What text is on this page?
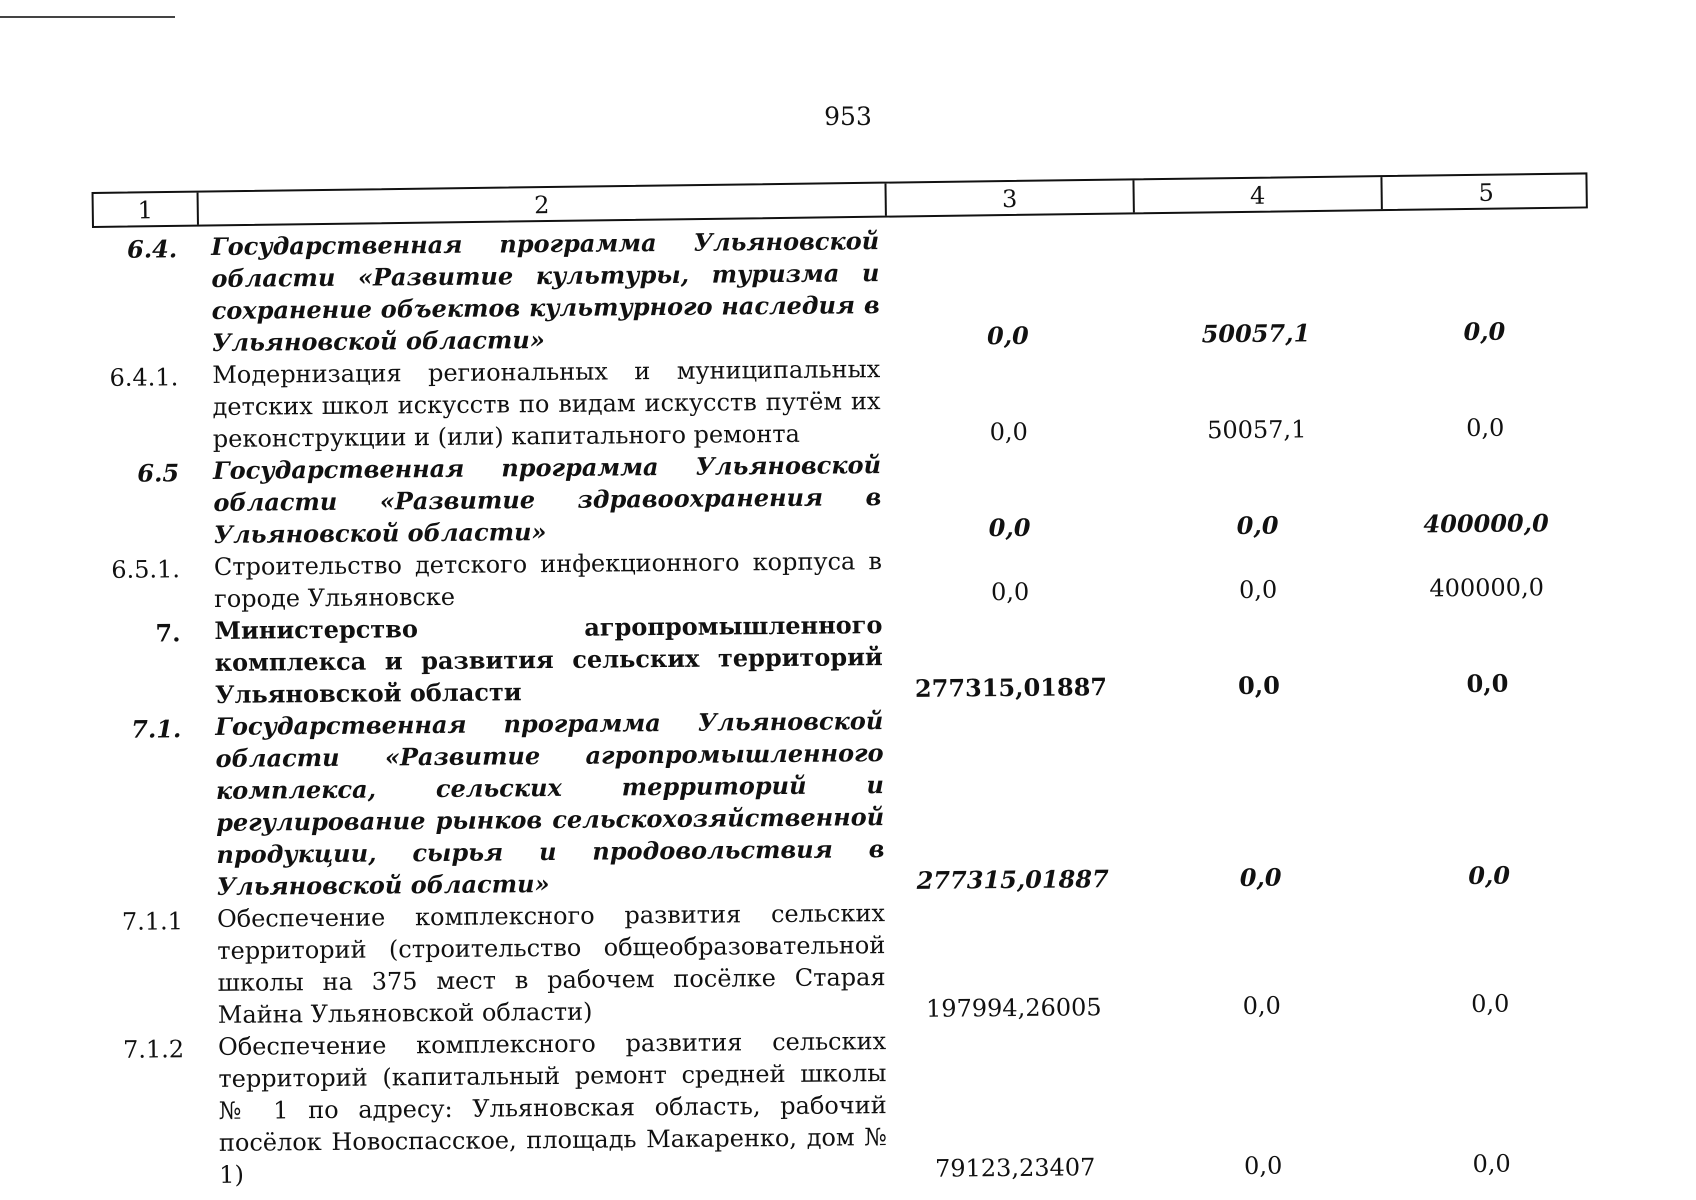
953
1	2	3	4	5
6.4.	Государственная программа Ульяновской области «Развитие культуры, туризма и сохранение объектов культурного наследия в Ульяновской области»	0,0	50057,1	0,0
6.4.1.	Модернизация региональных и муниципальных детских школ искусств по видам искусств путём их реконструкции и (или) капитального ремонта	0,0	50057,1	0,0
6.5	Государственная программа Ульяновской области «Развитие здравоохранения в Ульяновской области»	0,0	0,0	400000,0
6.5.1.	Строительство детского инфекционного корпуса в городе Ульяновске	0,0	0,0	400000,0
7.	Министерство агропромышленного комплекса и развития сельских территорий Ульяновской области	277315,01887	0,0	0,0
7.1.	Государственная программа Ульяновской области «Развитие агропромышленного комплекса, сельских территорий и регулирование рынков сельскохозяйственной продукции, сырья и продовольствия в Ульяновской области»	277315,01887	0,0	0,0
7.1.1	Обеспечение комплексного развития сельских территорий (строительство общеобразовательной школы на 375 мест в рабочем посёлке Старая Майна Ульяновской области)	197994,26005	0,0	0,0
7.1.2	Обеспечение комплексного развития сельских территорий (капитальный ремонт средней школы № 1 по адресу: Ульяновская область, рабочий посёлок Новоспасское, площадь Макаренко, дом № 1)	79123,23407	0,0	0,0
